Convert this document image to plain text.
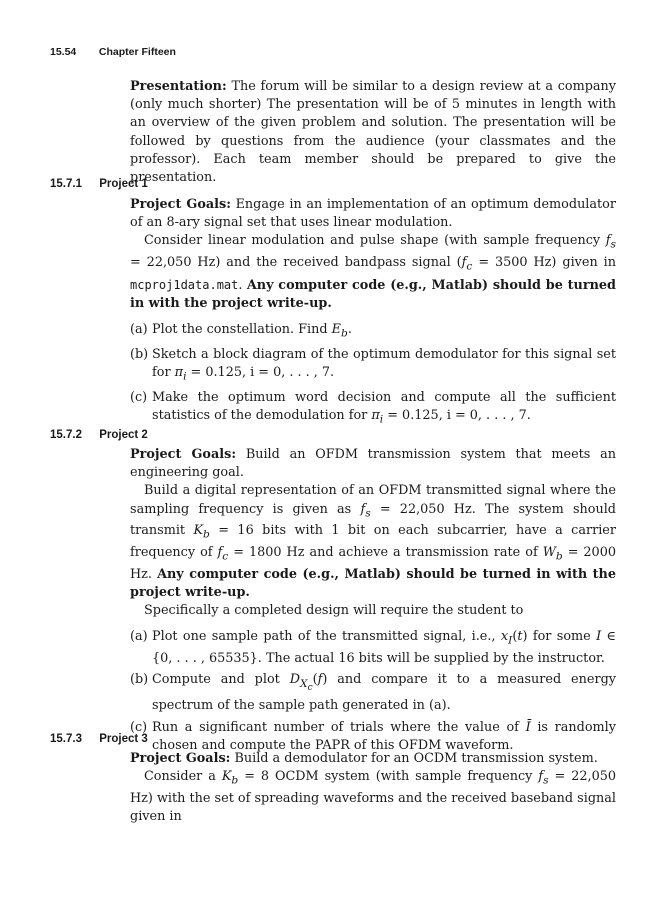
15.54 Chapter Fifteen

Presentation: The forum will be similar to a design review at a company (only much shorter) The presentation will be of 5 minutes in length with an overview of the given problem and solution. The presentation will be followed by questions from the audience (your classmates and the professor). Each team member should be prepared to give the presentation.

15.7.1 Project 1

Project Goals: Engage in an implementation of an optimum demodulator of an 8-ary signal set that uses linear modulation.

Consider linear modulation and pulse shape (with sample frequency $f_s = 22,050$ Hz) and the received bandpass signal ($f_c = 3500$ Hz) given in mcproj1data.mat. Any computer code (e.g., Matlab) should be turned in with the project write-up.

(a) Plot the constellation. Find $E_b$.
(b) Sketch a block diagram of the optimum demodulator for this signal set for $\pi_i = 0.125$, i = 0, . . . , 7.
(c) Make the optimum word decision and compute all the sufficient statistics of the demodulation for $\pi_i = 0.125$, i = 0, . . . , 7.
15.7.2 Project 2

Project Goals: Build an OFDM transmission system that meets an engineering goal.

Build a digital representation of an OFDM transmitted signal where the sampling frequency is given as $f_s = 22,050$ Hz. The system should transmit $K_b = 16$ bits with 1 bit on each subcarrier, have a carrier frequency of $f_c = 1800$ Hz and achieve a transmission rate of $W_b = 2000$ Hz. Any computer code (e.g., Matlab) should be turned in with the project write-up.

Specifically a completed design will require the student to

(a) Plot one sample path of the transmitted signal, i.e., $x_I(t)$ for some I ∈ {0, . . . , 65535}. The actual 16 bits will be supplied by the instructor.
(b) Compute and plot $D_{X_c}(f)$ and compare it to a measured energy spectrum of the sample path generated in (a).
(c) Run a significant number of trials where the value of Ī is randomly chosen and compute the PAPR of this OFDM waveform.
15.7.3 Project 3

Project Goals: Build a demodulator for an OCDM transmission system.

Consider a $K_b = 8$ OCDM system (with sample frequency $f_s = 22,050$ Hz) with the set of spreading waveforms and the received baseband signal given in
